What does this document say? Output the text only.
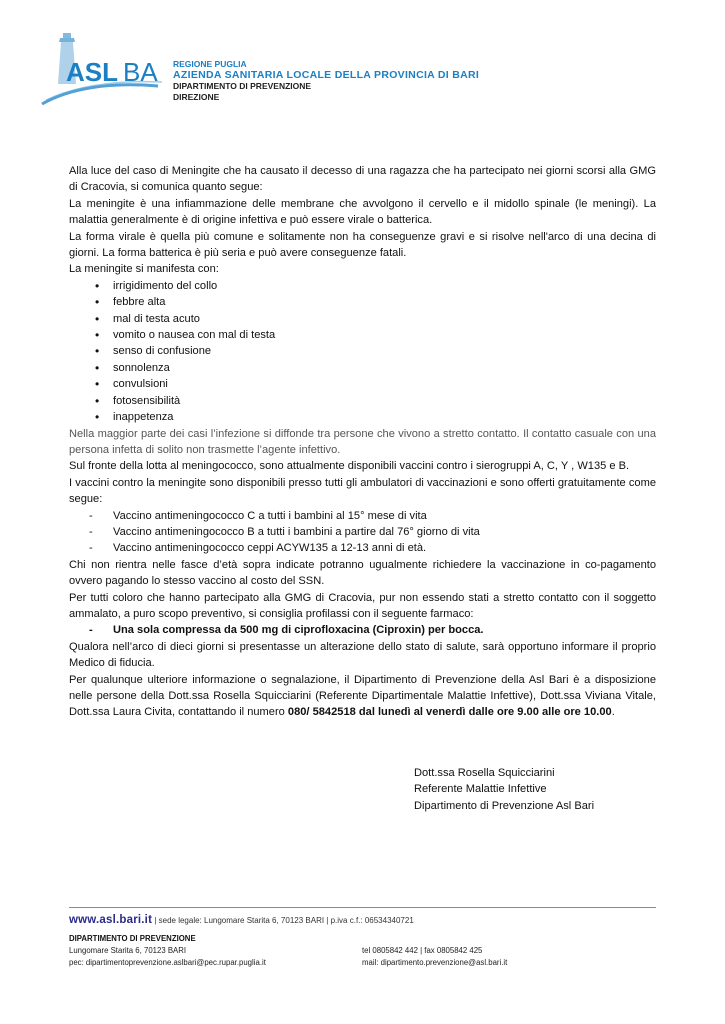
ASL BA REGIONE PUGLIA
AZIENDA SANITARIA LOCALE DELLA PROVINCIA DI BARI
DIPARTIMENTO DI PREVENZIONE
DIREZIONE

Alla luce del caso di Meningite che ha causato il decesso di una ragazza che ha partecipato nei giorni scorsi alla GMG di Cracovia, si comunica quanto segue:

La meningite è una infiammazione delle membrane che avvolgono il cervello e il midollo spinale (le meningi). La malattia generalmente è di origine infettiva e può essere virale o batterica.

La forma virale è quella più comune e solitamente non ha conseguenze gravi e si risolve nell'arco di una decina di giorni. La forma batterica è più seria e può avere conseguenze fatali.

La meningite si manifesta con:

• irrigidimento del collo
• febbre alta
• mal di testa acuto
• vomito o nausea con mal di testa
• senso di confusione
• sonnolenza
• convulsioni
• fotosensibilità
• inappetenza

Nella maggior parte dei casi l’infezione si diffonde tra persone che vivono a stretto contatto. Il contatto casuale con una persona infetta di solito non trasmette l’agente infettivo.

Sul fronte della lotta al meningococco, sono attualmente disponibili vaccini contro i sierogruppi A, C, Y , W135 e B.

I vaccini contro la meningite sono disponibili presso tutti gli ambulatori di vaccinazioni e sono offerti gratuitamente come segue:

- Vaccino antimeningococco C a tutti i bambini al 15° mese di vita
- Vaccino antimeningococco B a tutti i bambini a partire dal 76° giorno di vita
- Vaccino antimeningococco ceppi ACYW135 a 12-13 anni di età.

Chi non rientra nelle fasce d’età sopra indicate potranno ugualmente richiedere la vaccinazione in co-pagamento ovvero pagando lo stesso vaccino al costo del SSN.

Per tutti coloro che hanno partecipato alla GMG di Cracovia, pur non essendo stati a stretto contatto con il soggetto ammalato, a puro scopo preventivo, si consiglia profilassi con il seguente farmaco:

- Una sola compressa da 500 mg di ciprofloxacina (Ciproxin) per bocca.

Qualora nell’arco di dieci giorni si presentasse un alterazione dello stato di salute, sarà opportuno informare il proprio Medico di fiducia.

Per qualunque ulteriore informazione o segnalazione, il Dipartimento di Prevenzione della Asl Bari è a disposizione nelle persone della Dott.ssa Rosella Squicciarini (Referente Dipartimentale Malattie Infettive), Dott.ssa Viviana Vitale, Dott.ssa Laura Civita, contattando il numero 080/ 5842518 dal lunedì al venerdì dalle ore 9.00 alle ore 10.00.

Dott.ssa Rosella Squicciarini
Referente Malattie Infettive
Dipartimento di Prevenzione Asl Bari
www.asl.bari.it | sede legale: Lungomare Starita 6, 70123 BARI | p.iva c.f.: 06534340721
DIPARTIMENTO DI PREVENZIONE
Lungomare Starita 6, 70123 BARI
pec: dipartimentoprevenzione.aslbari@pec.rupar.puglia.it
tel 0805842 442 | fax 0805842 425
mail: dipartimento.prevenzione@asl.bari.it
